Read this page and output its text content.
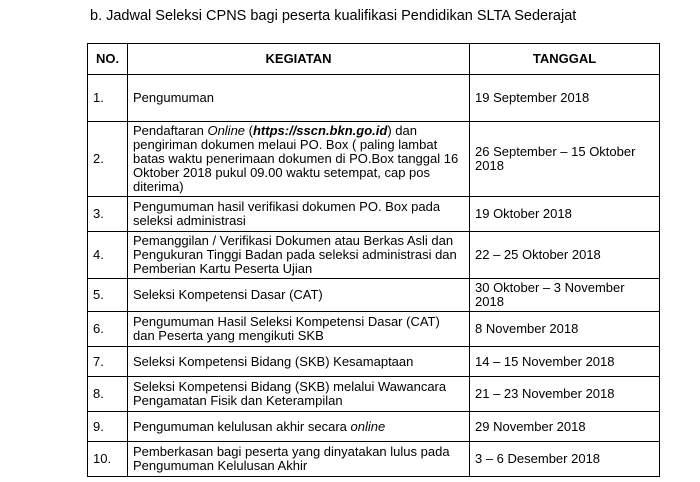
b. Jadwal Seleksi CPNS bagi peserta kualifikasi Pendidikan SLTA Sederajat
NO.	KEGIATAN	TANGGAL
1.	Pengumuman	19 September 2018
2.	Pendaftaran Online (https://sscn.bkn.go.id) dan pengiriman dokumen melaui PO. Box ( paling lambat batas waktu penerimaan dokumen di PO.Box tanggal 16 Oktober 2018 pukul 09.00 waktu setempat, cap pos diterima)	26 September – 15 Oktober 2018
3.	Pengumuman hasil verifikasi dokumen PO. Box pada seleksi administrasi	19 Oktober 2018
4.	Pemanggilan / Verifikasi Dokumen atau Berkas Asli dan Pengukuran Tinggi Badan pada seleksi administrasi dan Pemberian Kartu Peserta Ujian	22 – 25 Oktober 2018
5.	Seleksi Kompetensi Dasar (CAT)	30 Oktober – 3 November 2018
6.	Pengumuman Hasil Seleksi Kompetensi Dasar (CAT) dan Peserta yang mengikuti SKB	8 November 2018
7.	Seleksi Kompetensi Bidang (SKB) Kesamaptaan	14 – 15 November 2018
8.	Seleksi Kompetensi Bidang (SKB) melalui Wawancara Pengamatan Fisik dan Keterampilan	21 – 23 November 2018
9.	Pengumuman kelulusan akhir secara online	29 November 2018
10.	Pemberkasan bagi peserta yang dinyatakan lulus pada Pengumuman Kelulusan Akhir	3 – 6 Desember 2018
